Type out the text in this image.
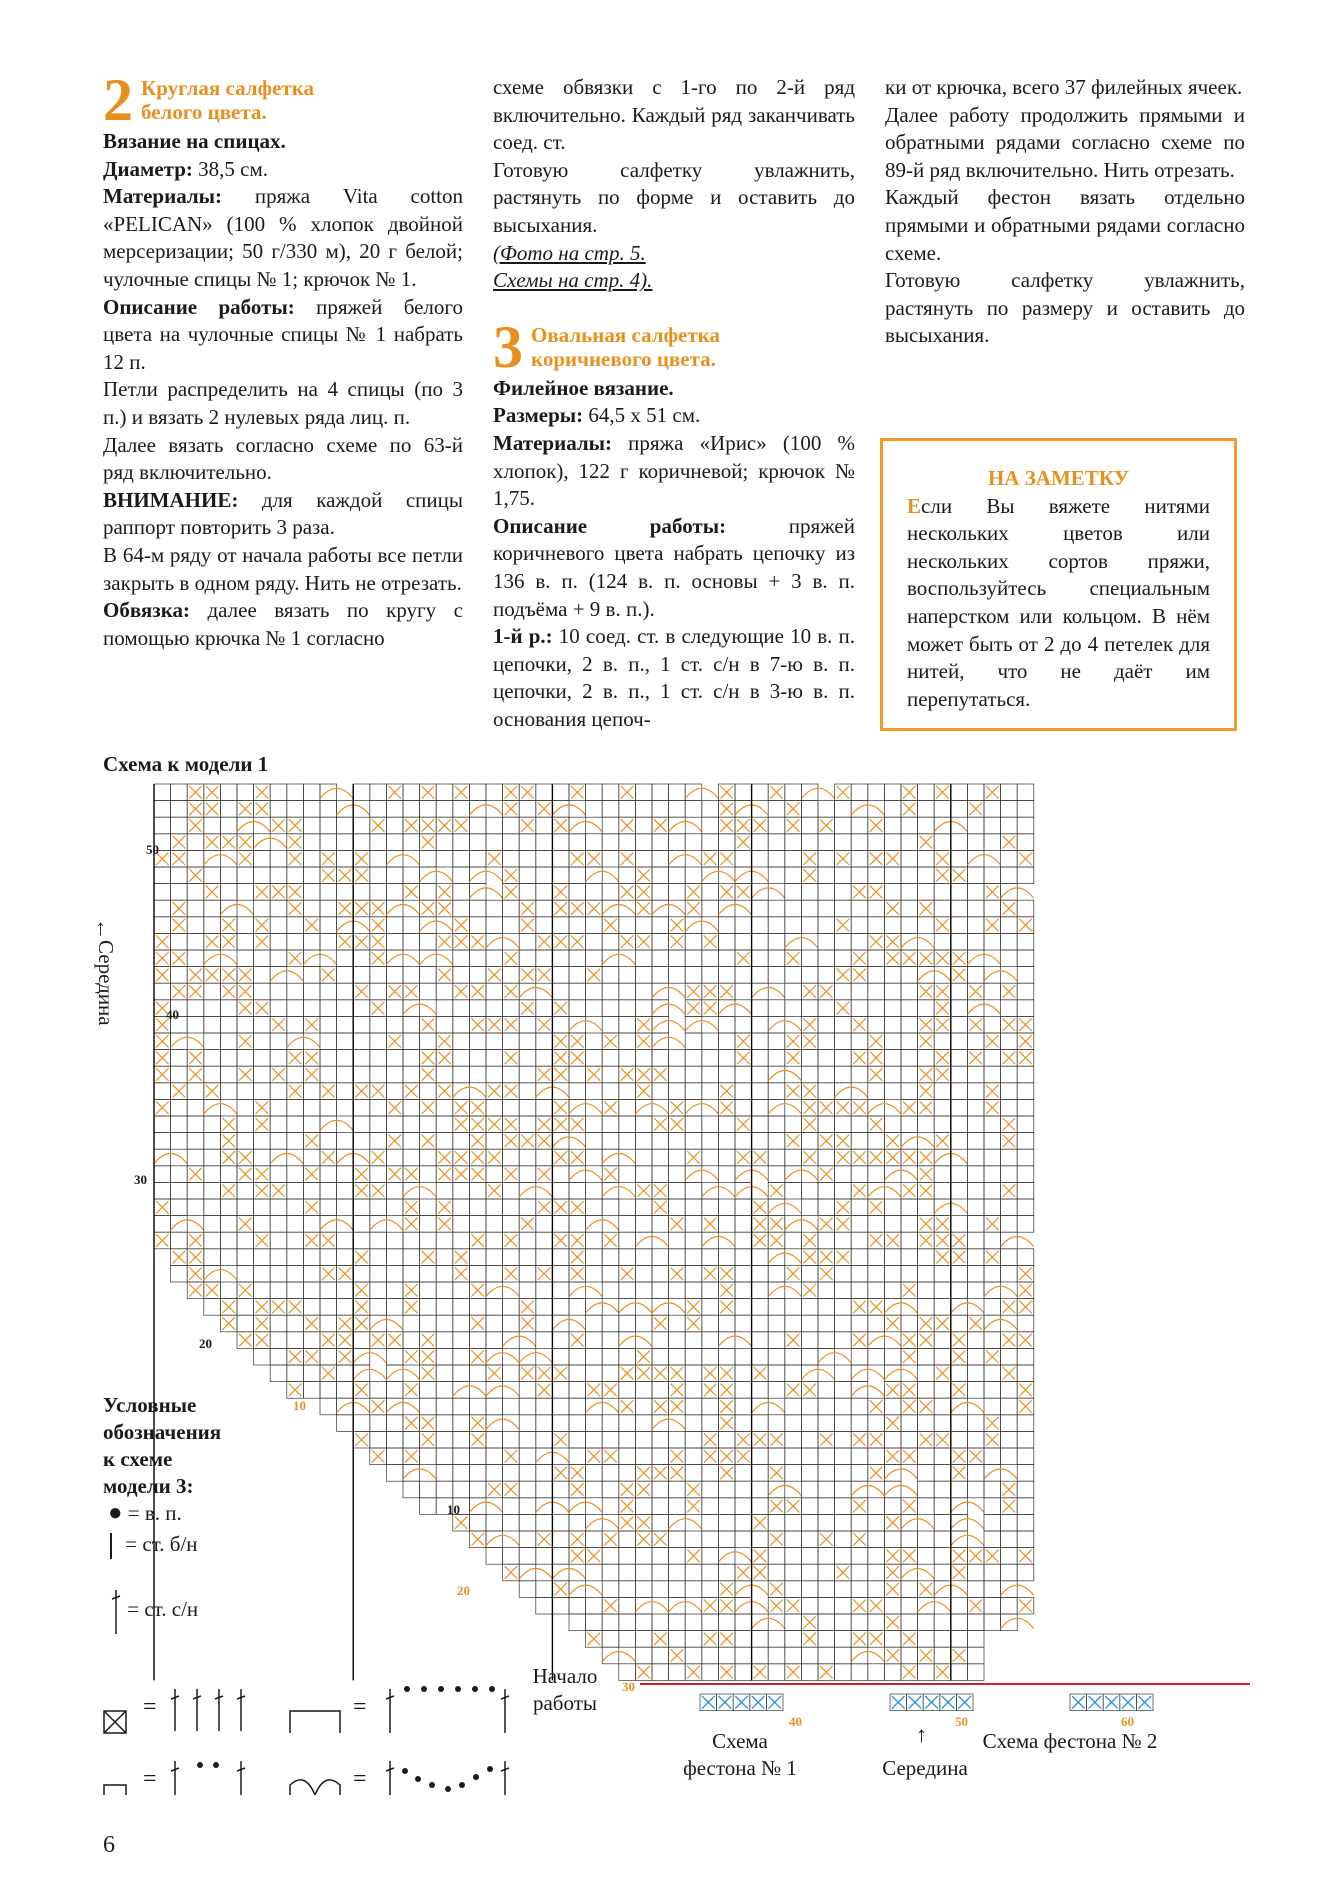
2 Круглая салфетка
белого цвета.

Вязание на спицах.

Диаметр: 38,5 см.

Материалы: пряжа Vita cotton «PELICAN» (100 % хлопок двойной мерсеризации; 50 г/330 м), 20 г белой; чулочные спицы № 1; крючок № 1.

Описание работы: пряжей белого цвета на чулочные спицы № 1 набрать 12 п.

Петли распределить на 4 спицы (по 3 п.) и вязать 2 нулевых ряда лиц. п.

Далее вязать согласно схеме по 63-й ряд включительно.

ВНИМАНИЕ: для каждой спицы раппорт повторить 3 раза.

В 64-м ряду от начала работы все петли закрыть в одном ряду. Нить не отрезать.

Обвязка: далее вязать по кругу с помощью крючка № 1 согласно

схеме обвязки с 1-го по 2-й ряд включительно. Каждый ряд заканчивать соед. ст.

Готовую салфетку увлажнить, растянуть по форме и оставить до высыхания.

(Фото на стр. 5.

Схемы на стр. 4).

3 Овальная салфетка
коричневого цвета.

Филейное вязание.

Размеры: 64,5 х 51 см.

Материалы: пряжа «Ирис» (100 % хлопок), 122 г коричневой; крючок № 1,75.

Описание работы: пряжей коричневого цвета набрать цепочку из 136 в. п. (124 в. п. основы + 3 в. п. подъёма + 9 в. п.).

1-й р.: 10 соед. ст. в следующие 10 в. п. цепочки, 2 в. п., 1 ст. с/н в 7-ю в. п. цепочки, 2 в. п., 1 ст. с/н в 3-ю в. п. основания цепоч-

ки от крючка, всего 37 филейных ячеек.

Далее работу продолжить прямыми и обратными рядами согласно схеме по 89-й ряд включительно. Нить отрезать.

Каждый фестон вязать отдельно прямыми и обратными рядами согласно схеме.

Готовую салфетку увлажнить, растянуть по размеру и оставить до высыхания.

НА ЗАМЕТКУ

Если Вы вяжете нитями нескольких цветов или нескольких сортов пряжи, воспользуйтесь специальным наперстком или кольцом. В нём может быть от 2 до 4 петелек для нитей, что не даёт им перепутаться.

Схема к модели 1
Середина
↑
50
40
30
20
10
10
20
30
40	50	60
Начало
работы
Схема
фестона № 1
↑
Середина
Схема фестона № 2
Условные
обозначения
к схеме
модели 3:
● = в. п.
= ст. б/н
= ст. с/н
=
=
=
=
6
